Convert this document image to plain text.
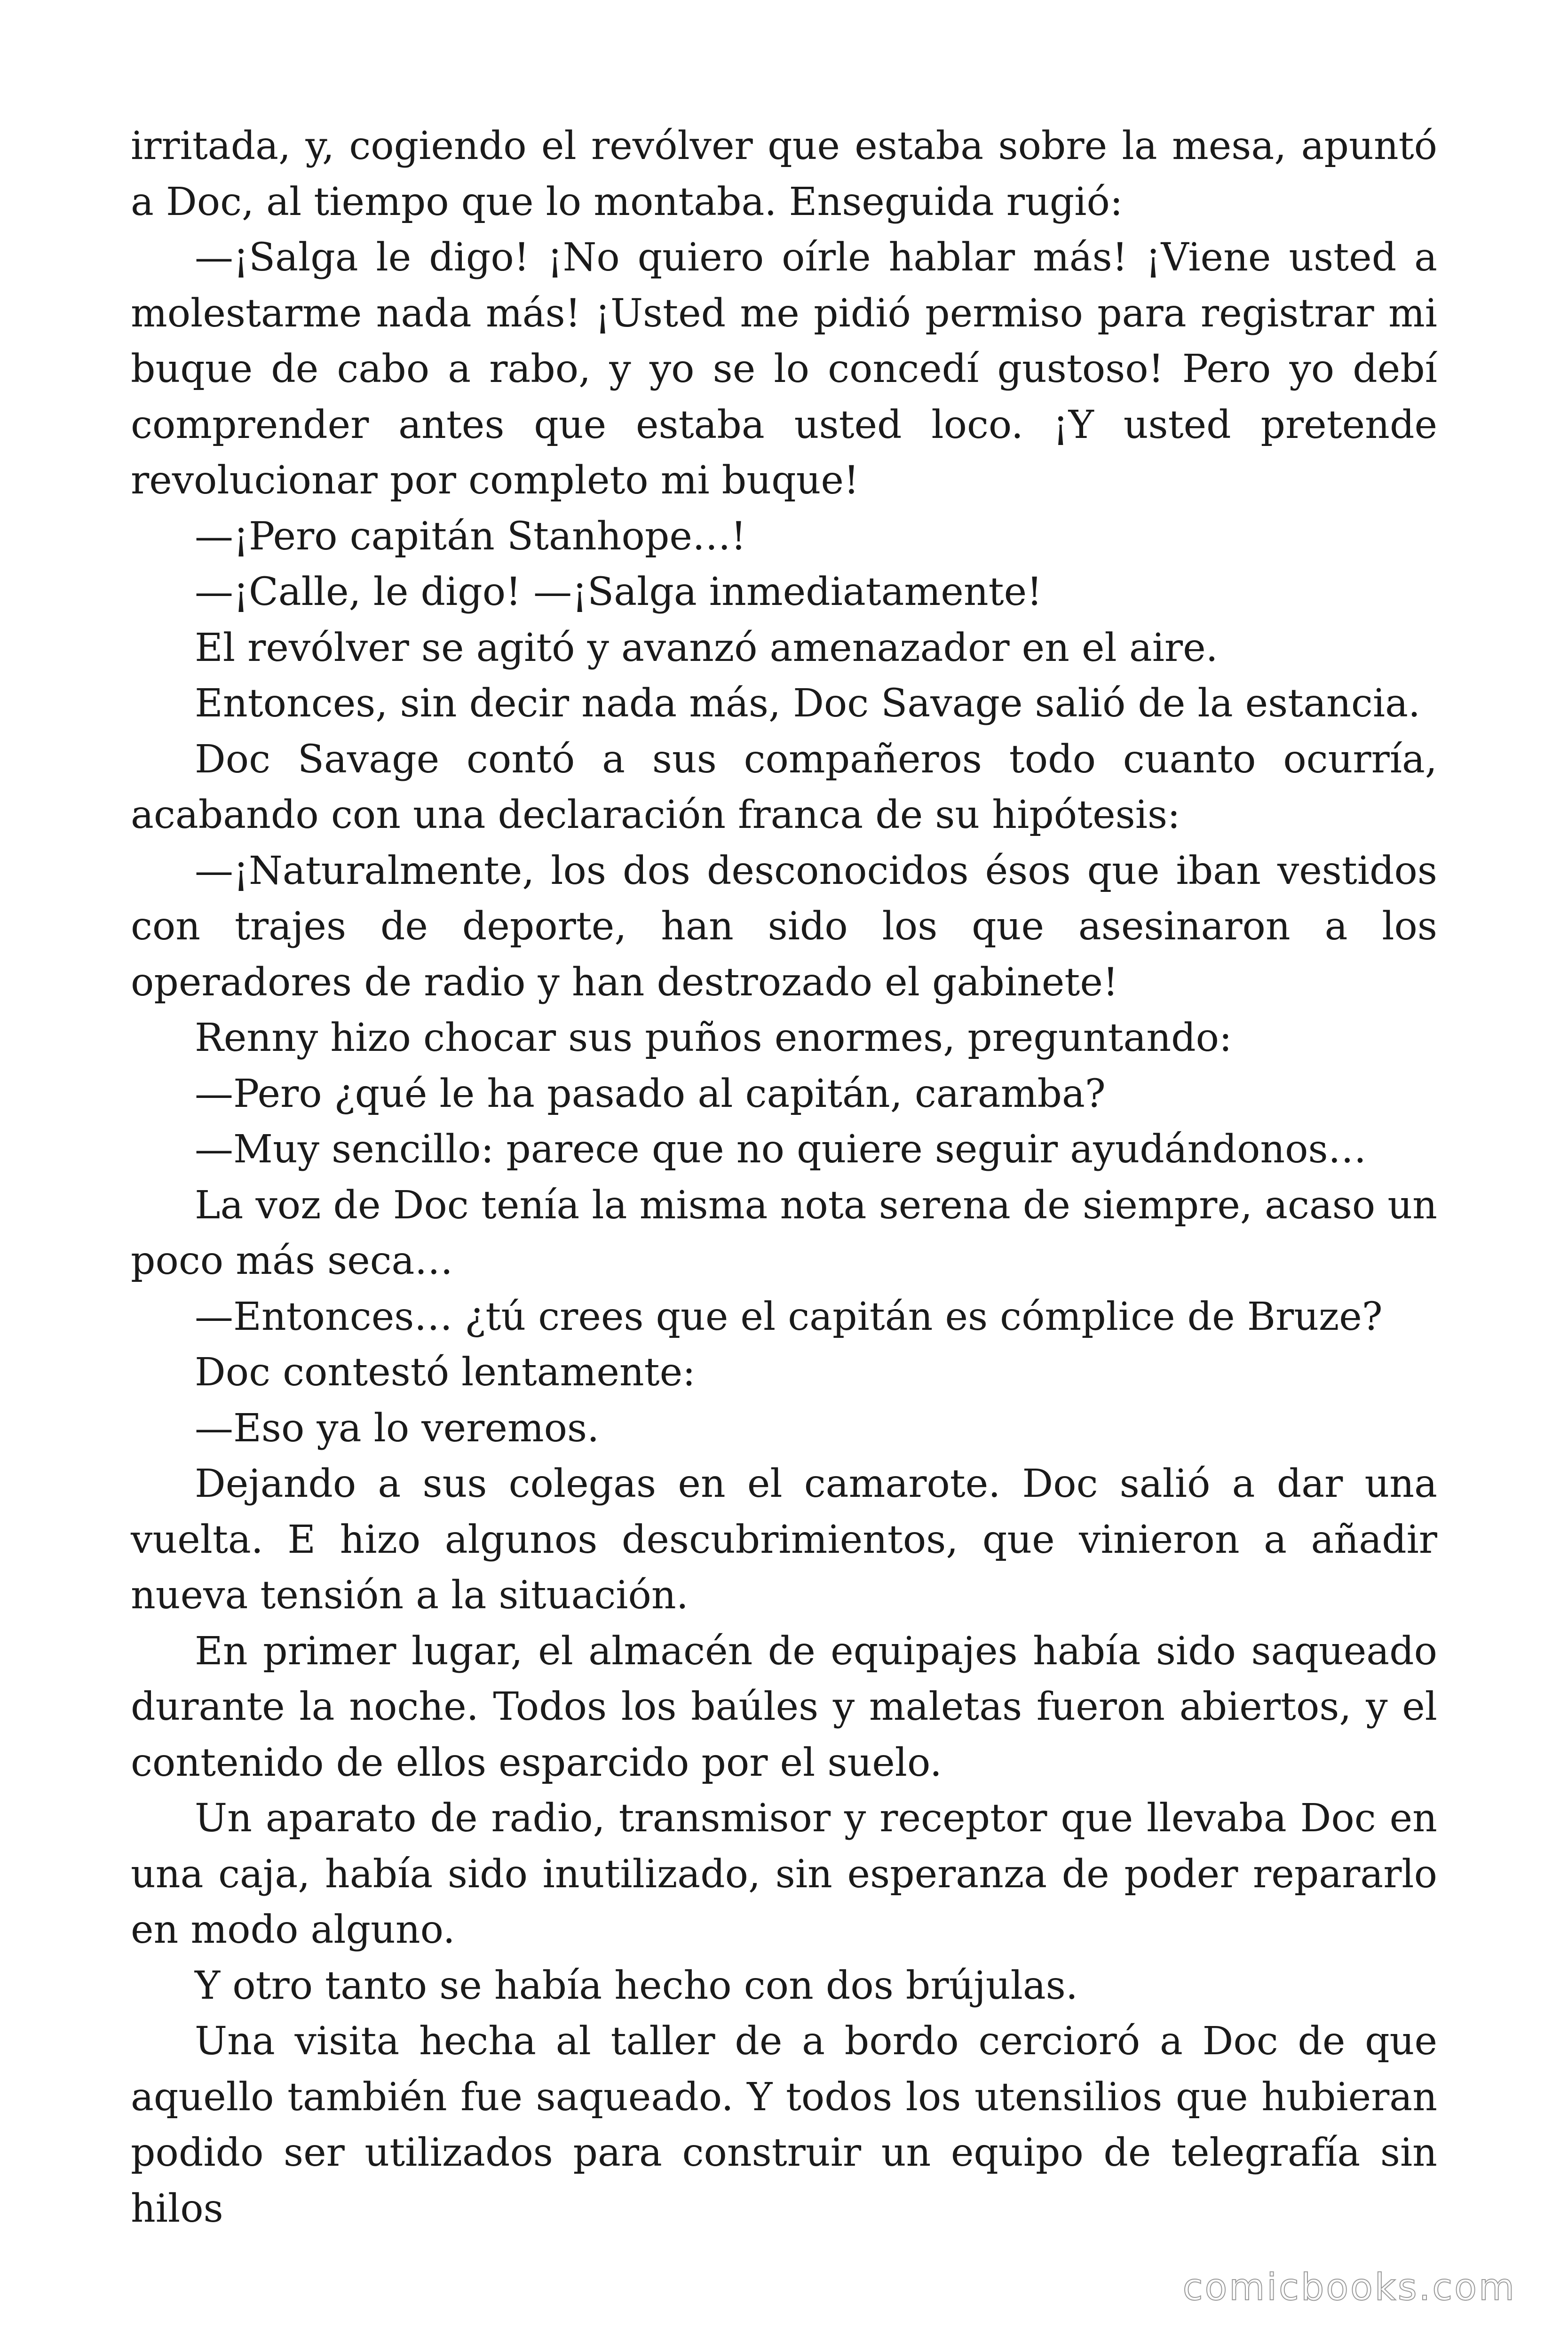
irritada, y, cogiendo el revólver que estaba sobre la mesa, apuntó a Doc, al tiempo que lo montaba. Enseguida rugió:

—¡Salga le digo! ¡No quiero oírle hablar más! ¡Viene usted a molestarme nada más! ¡Usted me pidió permiso para registrar mi buque de cabo a rabo, y yo se lo concedí gustoso! Pero yo debí comprender antes que estaba usted loco. ¡Y usted pretende revolucionar por completo mi buque!

—¡Pero capitán Stanhope…!

—¡Calle, le digo! —¡Salga inmediatamente!

El revólver se agitó y avanzó amenazador en el aire.

Entonces, sin decir nada más, Doc Savage salió de la estancia.

Doc Savage contó a sus compañeros todo cuanto ocurría, acabando con una declaración franca de su hipótesis:

—¡Naturalmente, los dos desconocidos ésos que iban vestidos con trajes de deporte, han sido los que asesinaron a los operadores de radio y han destrozado el gabinete!

Renny hizo chocar sus puños enormes, preguntando:

—Pero ¿qué le ha pasado al capitán, caramba?

—Muy sencillo: parece que no quiere seguir ayudándonos…

La voz de Doc tenía la misma nota serena de siempre, acaso un poco más seca…

—Entonces… ¿tú crees que el capitán es cómplice de Bruze?

Doc contestó lentamente:

—Eso ya lo veremos.

Dejando a sus colegas en el camarote. Doc salió a dar una vuelta. E hizo algunos descubrimientos, que vinieron a añadir nueva tensión a la situación.

En primer lugar, el almacén de equipajes había sido saqueado durante la noche. Todos los baúles y maletas fueron abiertos, y el contenido de ellos esparcido por el suelo.

Un aparato de radio, transmisor y receptor que llevaba Doc en una caja, había sido inutilizado, sin esperanza de poder repararlo en modo alguno.

Y otro tanto se había hecho con dos brújulas.

Una visita hecha al taller de a bordo cercioró a Doc de que aquello también fue saqueado. Y todos los utensilios que hubieran podido ser utilizados para construir un equipo de telegrafía sin hilos

comicbooks.com
